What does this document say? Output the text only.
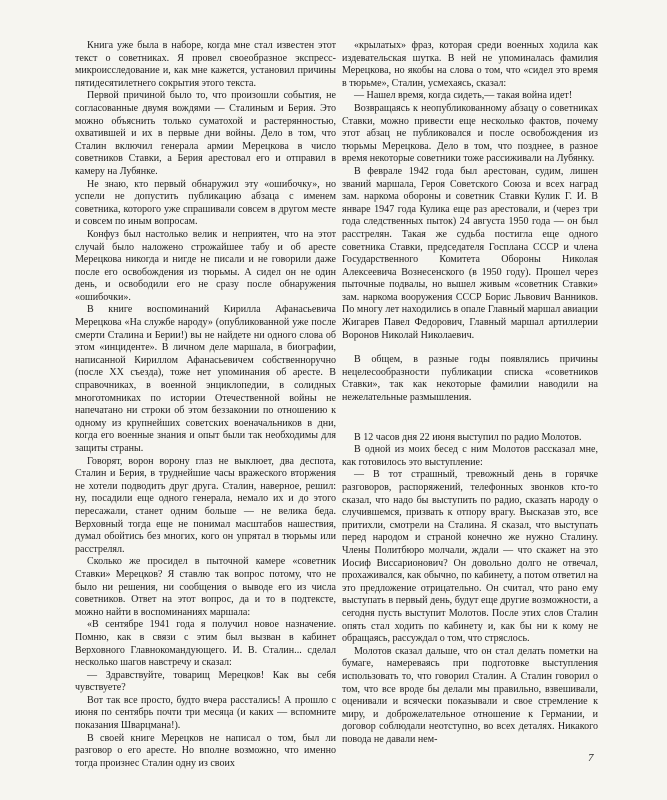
Книга уже была в наборе, когда мне стал известен этот текст о советниках. Я провел своеобразное экспресс-микроисследование и, как мне кажется, установил причины пятидесятилетнего сокрытия этого текста.

Первой причиной было то, что произошли события, не согласованные двумя вождями — Сталиным и Берия. Это можно объяснить только суматохой и растерянностью, охватившей и их в первые дни войны. Дело в том, что Сталин включил генерала армии Мерецкова в число советников Ставки, а Берия арестовал его и отправил в камеру на Лубянке.

Не знаю, кто первый обнаружил эту «ошибочку», но успели не допустить публикацию абзаца с именем советника, которого уже спрашивали совсем в другом месте и совсем по иным вопросам.

Конфуз был настолько велик и неприятен, что на этот случай было наложено строжайшее табу и об аресте Мерецкова никогда и нигде не писали и не говорили даже после его освобождения из тюрьмы. А сидел он не один день, и освободили его не сразу после обнаружения «ошибочки».

В книге воспоминаний Кирилла Афанасьевича Мерецкова «На службе народу» (опубликованной уже после смерти Сталина и Берии!) вы не найдете ни одного слова об этом «инциденте». В личном деле маршала, в биографии, написанной Кириллом Афанасьевичем собственноручно (после XX съезда), тоже нет упоминания об аресте. В справочниках, в военной энциклопедии, в солидных многотомниках по истории Отечественной войны не напечатано ни строки об этом беззаконии по отношению к одному из крупнейших советских военачальников в дни, когда его военные знания и опыт были так необходимы для защиты страны.

Говорят, ворон ворону глаз не выклюет, два деспота, Сталин и Берия, в труднейшие часы вражеского вторжения не хотели подводить друг друга. Сталин, наверное, решил: ну, посадили еще одного генерала, немало их и до этого пересажали, станет одним больше — не велика беда. Верховный тогда еще не понимал масштабов нашествия, думал обойтись без многих, кого он упрятал в тюрьмы или расстрелял.

Сколько же просидел в пыточной камере «советник Ставки» Мерецков? Я ставлю так вопрос потому, что не было ни решения, ни сообщения о выводе его из числа советников. Ответ на этот вопрос, да и то в подтексте, можно найти в воспоминаниях маршала:

«В сентябре 1941 года я получил новое назначение. Помню, как в связи с этим был вызван в кабинет Верховного Главнокомандующего. И. В. Сталин... сделал несколько шагов навстречу и сказал:

— Здравствуйте, товарищ Мерецков! Как вы себя чувствуете?

Вот так все просто, будто вчера расстались! А прошло с июня по сентябрь почти три месяца (и каких — вспомните показания Шварцмана!).

В своей книге Мерецков не написал о том, был ли разговор о его аресте. Но вполне возможно, что именно тогда произнес Сталин одну из своих

«крылатых» фраз, которая среди военных ходила как издевательская шутка. В ней не упоминалась фамилия Мерецкова, но якобы на слова о том, что «сидел это время в тюрьме», Сталин, усмехаясь, сказал:

— Нашел время, когда сидеть,— такая война идет!

Возвращаясь к неопубликованному абзацу о советниках Ставки, можно привести еще несколько фактов, почему этот абзац не публиковался и после освобождения из тюрьмы Мерецкова. Дело в том, что позднее, в разное время некоторые советники тоже рассиживали на Лубянку.

В феврале 1942 года был арестован, судим, лишен званий маршала, Героя Советского Союза и всех наград зам. наркома обороны и советник Ставки Кулик Г. И. В январе 1947 года Кулика еще раз арестовали, и (через три года следственных пыток) 24 августа 1950 года — он был расстрелян. Такая же судьба постигла еще одного советника Ставки, председателя Госплана СССР и члена Государственного Комитета Обороны Николая Алексеевича Вознесенского (в 1950 году). Прошел через пыточные подвалы, но вышел живым «советник Ставки» зам. наркома вооружения СССР Борис Львович Ванников. По многу лет находились в опале Главный маршал авиации Жигарев Павел Федорович, Главный маршал артиллерии Воронов Николай Николаевич.

В общем, в разные годы появлялись причины нецелесообразности публикации списка «советников Ставки», так как некоторые фамилии наводили на нежелательные размышления.

В 12 часов дня 22 июня выступил по радио Молотов.

В одной из моих бесед с ним Молотов рассказал мне, как готовилось это выступление:

— В тот страшный, тревожный день в горячке разговоров, распоряжений, телефонных звонков кто-то сказал, что надо бы выступить по радио, сказать народу о случившемся, призвать к отпору врагу. Высказав это, все притихли, смотрели на Сталина. Я сказал, что выступать перед народом и страной конечно же нужно Сталину. Члены Политбюро молчали, ждали — что скажет на это Иосиф Виссарионович? Он довольно долго не отвечал, прохаживался, как обычно, по кабинету, а потом ответил на это предложение отрицательно. Он считал, что рано ему выступать в первый день, будут еще другие возможности, а сегодня пусть выступит Молотов. После этих слов Сталин опять стал ходить по кабинету и, как бы ни к кому не обращаясь, рассуждал о том, что стряслось.

Молотов сказал дальше, что он стал делать пометки на бумаге, намереваясь при подготовке выступления использовать то, что говорил Сталин. А Сталин говорил о том, что все вроде бы делали мы правильно, взвешивали, оценивали и всячески показывали и свое стремление к миру, и доброжелательное отношение к Германии, и договор соблюдали неотступно, во всех деталях. Никакого повода не давали нем-

7
